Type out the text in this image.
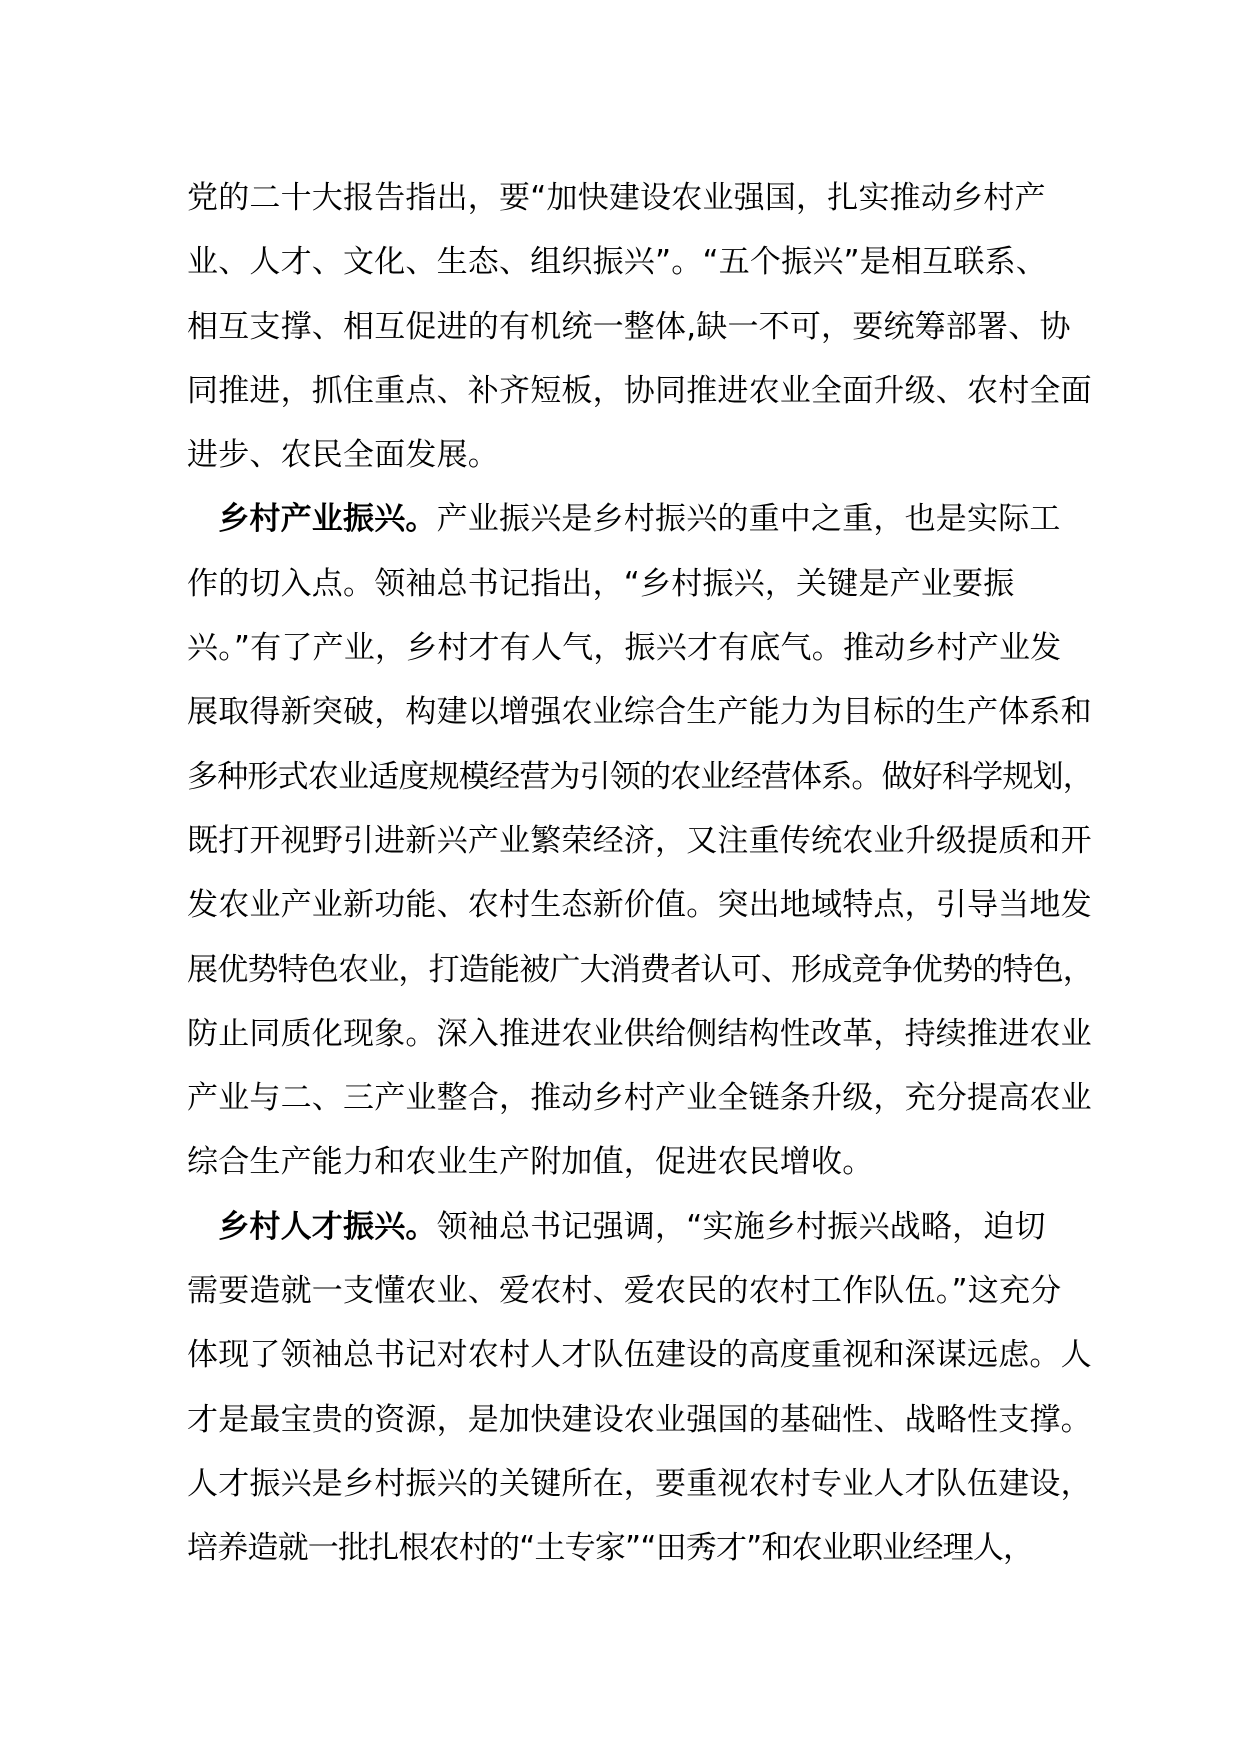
党的二十大报告指出，要“加快建设农业强国，扎实推动乡村产
业、人才、文化、生态、组织振兴”。“五个振兴”是相互联系、
相互支撑、相互促进的有机统一整体,缺一不可，要统筹部署、协
同推进，抓住重点、补齐短板，协同推进农业全面升级、农村全面
进步、农民全面发展。
　乡村产业振兴。产业振兴是乡村振兴的重中之重，也是实际工
作的切入点。领袖总书记指出，“乡村振兴，关键是产业要振
兴。”有了产业，乡村才有人气，振兴才有底气。推动乡村产业发
展取得新突破，构建以增强农业综合生产能力为目标的生产体系和
多种形式农业适度规模经营为引领的农业经营体系。做好科学规划，
既打开视野引进新兴产业繁荣经济，又注重传统农业升级提质和开
发农业产业新功能、农村生态新价值。突出地域特点，引导当地发
展优势特色农业，打造能被广大消费者认可、形成竞争优势的特色，
防止同质化现象。深入推进农业供给侧结构性改革，持续推进农业
产业与二、三产业整合，推动乡村产业全链条升级，充分提高农业
综合生产能力和农业生产附加值，促进农民增收。
　乡村人才振兴。领袖总书记强调，“实施乡村振兴战略，迫切
需要造就一支懂农业、爱农村、爱农民的农村工作队伍。”这充分
体现了领袖总书记对农村人才队伍建设的高度重视和深谋远虑。人
才是最宝贵的资源，是加快建设农业强国的基础性、战略性支撑。
人才振兴是乡村振兴的关键所在，要重视农村专业人才队伍建设，
培养造就一批扎根农村的“土专家”“田秀才”和农业职业经理人，
